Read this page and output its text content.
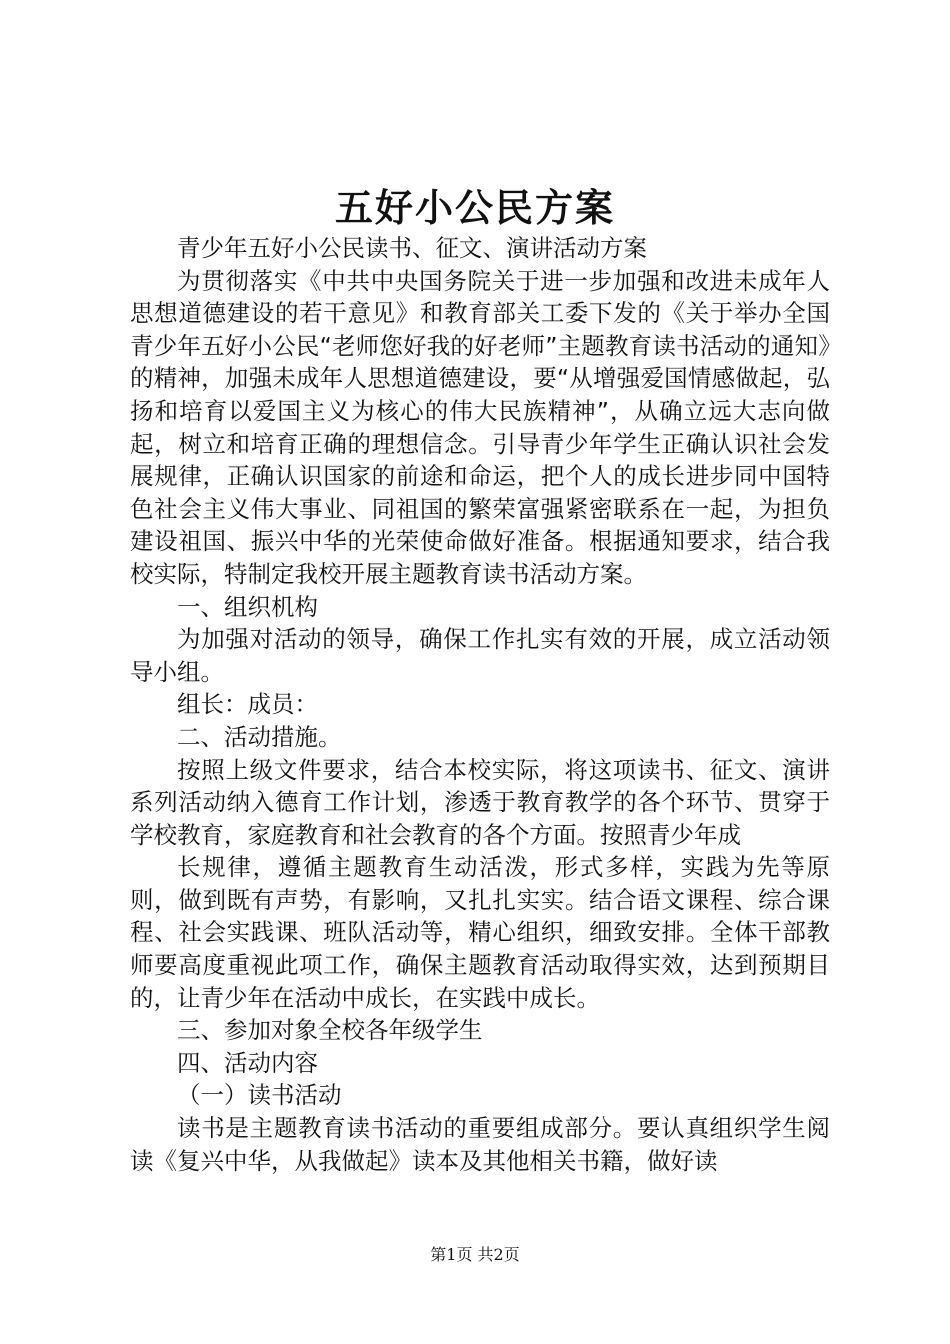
五好小公民方案

青少年五好小公民读书、征文、演讲活动方案

为贯彻落实《中共中央国务院关于进一步加强和改进未成年人思想道德建设的若干意见》和教育部关工委下发的《关于举办全国青少年五好小公民“老师您好我的好老师”主题教育读书活动的通知》的精神，加强未成年人思想道德建设，要“从增强爱国情感做起，弘扬和培育以爱国主义为核心的伟大民族精神”，从确立远大志向做起，树立和培育正确的理想信念。引导青少年学生正确认识社会发展规律，正确认识国家的前途和命运，把个人的成长进步同中国特色社会主义伟大事业、同祖国的繁荣富强紧密联系在一起，为担负建设祖国、振兴中华的光荣使命做好准备。根据通知要求，结合我校实际，特制定我校开展主题教育读书活动方案。

一、组织机构

为加强对活动的领导，确保工作扎实有效的开展，成立活动领导小组。

组长：成员：

二、活动措施。

按照上级文件要求，结合本校实际，将这项读书、征文、演讲系列活动纳入德育工作计划，渗透于教育教学的各个环节、贯穿于学校教育，家庭教育和社会教育的各个方面。按照青少年成

长规律，遵循主题教育生动活泼，形式多样，实践为先等原则，做到既有声势，有影响，又扎扎实实。结合语文课程、综合课程、社会实践课、班队活动等，精心组织，细致安排。全体干部教师要高度重视此项工作，确保主题教育活动取得实效，达到预期目的，让青少年在活动中成长，在实践中成长。

三、参加对象全校各年级学生

四、活动内容

（一）读书活动

读书是主题教育读书活动的重要组成部分。要认真组织学生阅读《复兴中华，从我做起》读本及其他相关书籍，做好读

第1页 共2页
